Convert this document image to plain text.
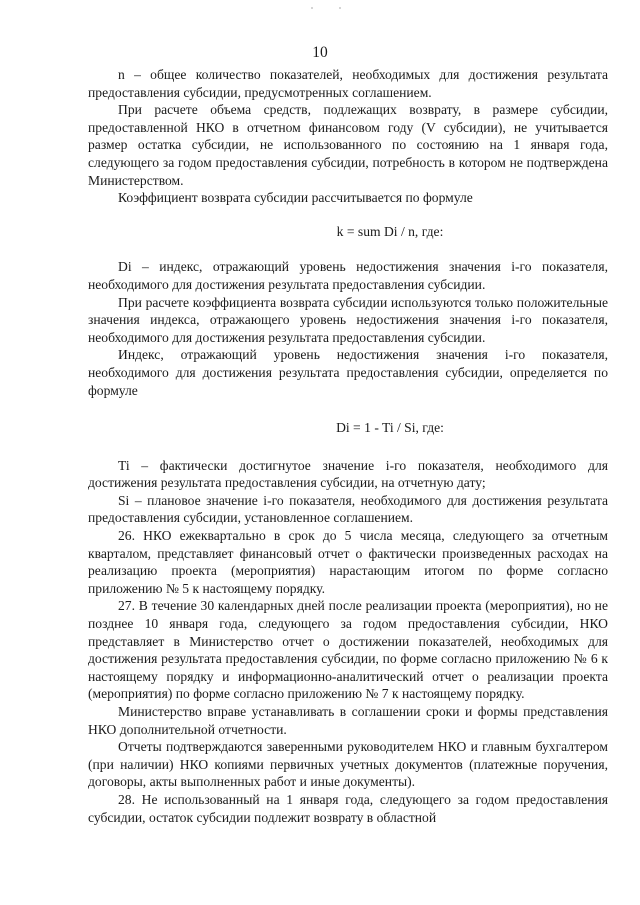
10

n – общее количество показателей, необходимых для достижения результата предоставления субсидии, предусмотренных соглашением.

При расчете объема средств, подлежащих возврату, в размере субсидии, предоставленной НКО в отчетном финансовом году (V субсидии), не учитывается размер остатка субсидии, не использованного по состоянию на 1 января года, следующего за годом предоставления субсидии, потребность в котором не подтверждена Министерством.

Коэффициент возврата субсидии рассчитывается по формуле

k = sum Di / n, где:

Di – индекс, отражающий уровень недостижения значения i-го показателя, необходимого для достижения результата предоставления субсидии.

При расчете коэффициента возврата субсидии используются только положительные значения индекса, отражающего уровень недостижения значения i-го показателя, необходимого для достижения результата предоставления субсидии.

Индекс, отражающий уровень недостижения значения i-го показателя, необходимого для достижения результата предоставления субсидии, определяется по формуле

Di = 1 - Ti / Si, где:

Ti – фактически достигнутое значение i-го показателя, необходимого для достижения результата предоставления субсидии, на отчетную дату;

Si – плановое значение i-го показателя, необходимого для достижения результата предоставления субсидии, установленное соглашением.

26. НКО ежеквартально в срок до 5 числа месяца, следующего за отчетным кварталом, представляет финансовый отчет о фактически произведенных расходах на реализацию проекта (мероприятия) нарастающим итогом по форме согласно приложению № 5 к настоящему порядку.

27. В течение 30 календарных дней после реализации проекта (мероприятия), но не позднее 10 января года, следующего за годом предоставления субсидии, НКО представляет в Министерство отчет о достижении показателей, необходимых для достижения результата предоставления субсидии, по форме согласно приложению № 6 к настоящему порядку и информационно-аналитический отчет о реализации проекта (мероприятия) по форме согласно приложению № 7 к настоящему порядку.

Министерство вправе устанавливать в соглашении сроки и формы представления НКО дополнительной отчетности.

Отчеты подтверждаются заверенными руководителем НКО и главным бухгалтером (при наличии) НКО копиями первичных учетных документов (платежные поручения, договоры, акты выполненных работ и иные документы).

28. Не использованный на 1 января года, следующего за годом предоставления субсидии, остаток субсидии подлежит возврату в областной
